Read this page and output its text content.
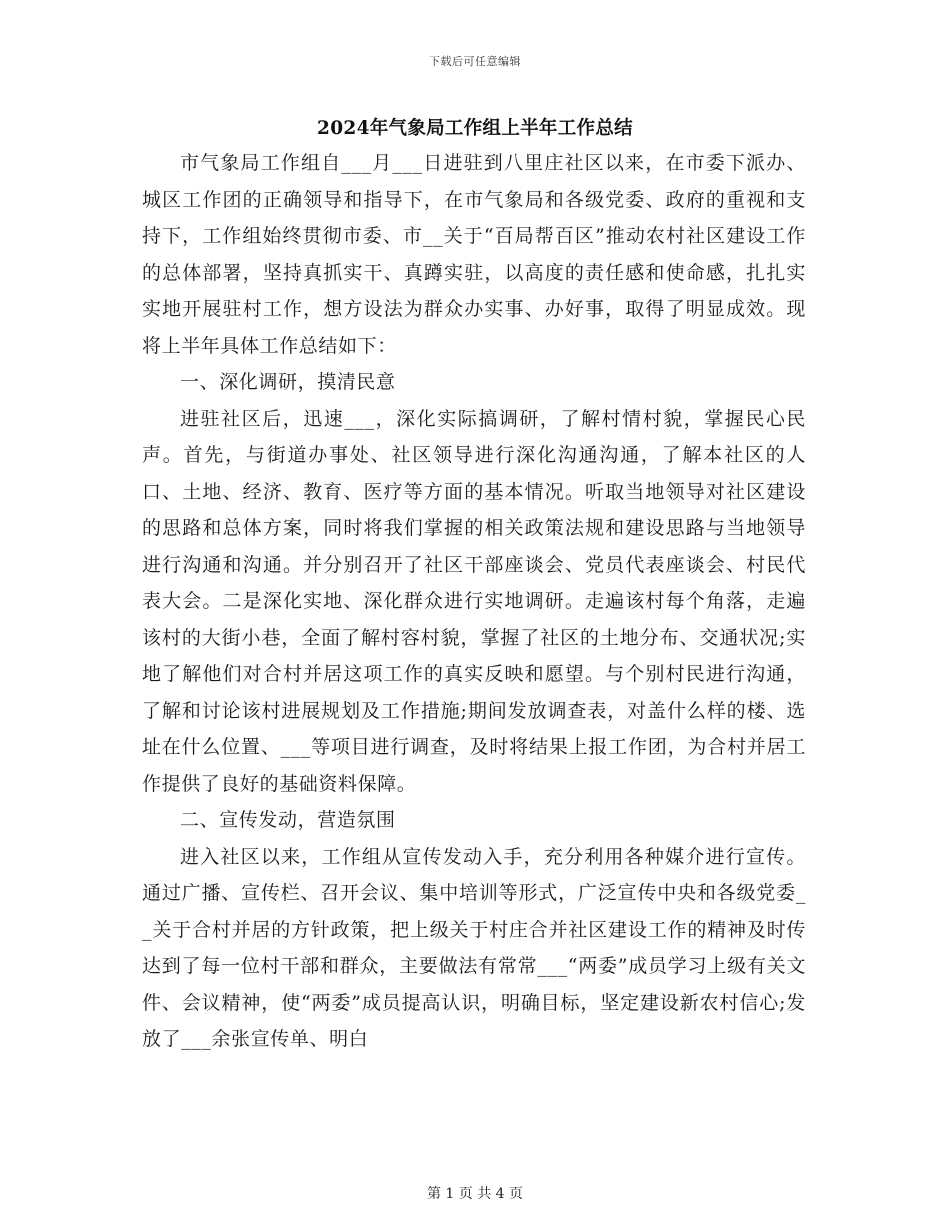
下载后可任意编辑
2024年气象局工作组上半年工作总结

市气象局工作组自___月___日进驻到八里庄社区以来，在市委下派办、城区工作团的正确领导和指导下，在市气象局和各级党委、政府的重视和支持下，工作组始终贯彻市委、市__关于“百局帮百区”推动农村社区建设工作的总体部署，坚持真抓实干、真蹲实驻，以高度的责任感和使命感，扎扎实实地开展驻村工作，想方设法为群众办实事、办好事，取得了明显成效。现将上半年具体工作总结如下：

一、深化调研，摸清民意

进驻社区后，迅速___，深化实际搞调研，了解村情村貌，掌握民心民声。首先，与街道办事处、社区领导进行深化沟通沟通，了解本社区的人口、土地、经济、教育、医疗等方面的基本情况。听取当地领导对社区建设的思路和总体方案，同时将我们掌握的相关政策法规和建设思路与当地领导进行沟通和沟通。并分别召开了社区干部座谈会、党员代表座谈会、村民代表大会。二是深化实地、深化群众进行实地调研。走遍该村每个角落，走遍该村的大街小巷，全面了解村容村貌，掌握了社区的土地分布、交通状况;实地了解他们对合村并居这项工作的真实反映和愿望。与个别村民进行沟通，了解和讨论该村进展规划及工作措施;期间发放调查表，对盖什么样的楼、选址在什么位置、___等项目进行调查，及时将结果上报工作团，为合村并居工作提供了良好的基础资料保障。

二、宣传发动，营造氛围

进入社区以来，工作组从宣传发动入手，充分利用各种媒介进行宣传。通过广播、宣传栏、召开会议、集中培训等形式，广泛宣传中央和各级党委__关于合村并居的方针政策，把上级关于村庄合并社区建设工作的精神及时传达到了每一位村干部和群众，主要做法有常常___“两委”成员学习上级有关文件、会议精神，使“两委”成员提高认识，明确目标，坚定建设新农村信心;发放了___余张宣传单、明白

第 1 页 共 4 页
